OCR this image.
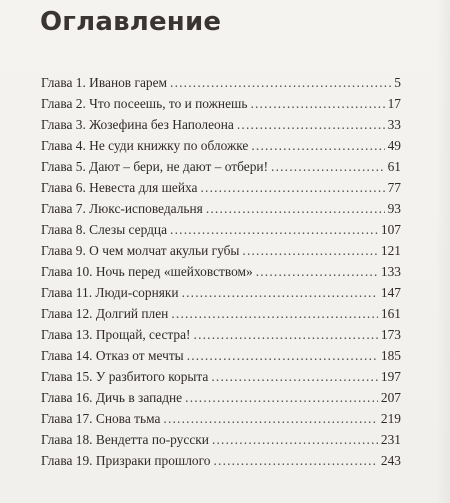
Оглавление
Глава 1. Иванов гарем .....	5
Глава 2. Что посеешь, то и пожнешь .....	17
Глава 3. Жозефина без Наполеона .....	33
Глава 4. Не суди книжку по обложке .....	49
Глава 5. Дают – бери, не дают – отбери! .....	61
Глава 6. Невеста для шейха .....	77
Глава 7. Люкс-исповедальня .....	93
Глава 8. Слезы сердца .....	107
Глава 9. О чем молчат акульи губы .....	121
Глава 10. Ночь перед «шейховством» .....	133
Глава 11. Люди-сорняки .....	147
Глава 12. Долгий плен .....	161
Глава 13. Прощай, сестра! .....	173
Глава 14. Отказ от мечты .....	185
Глава 15. У разбитого корыта .....	197
Глава 16. Дичь в западне .....	207
Глава 17. Снова тьма .....	219
Глава 18. Вендетта по-русски .....	231
Глава 19. Призраки прошлого .....	243
